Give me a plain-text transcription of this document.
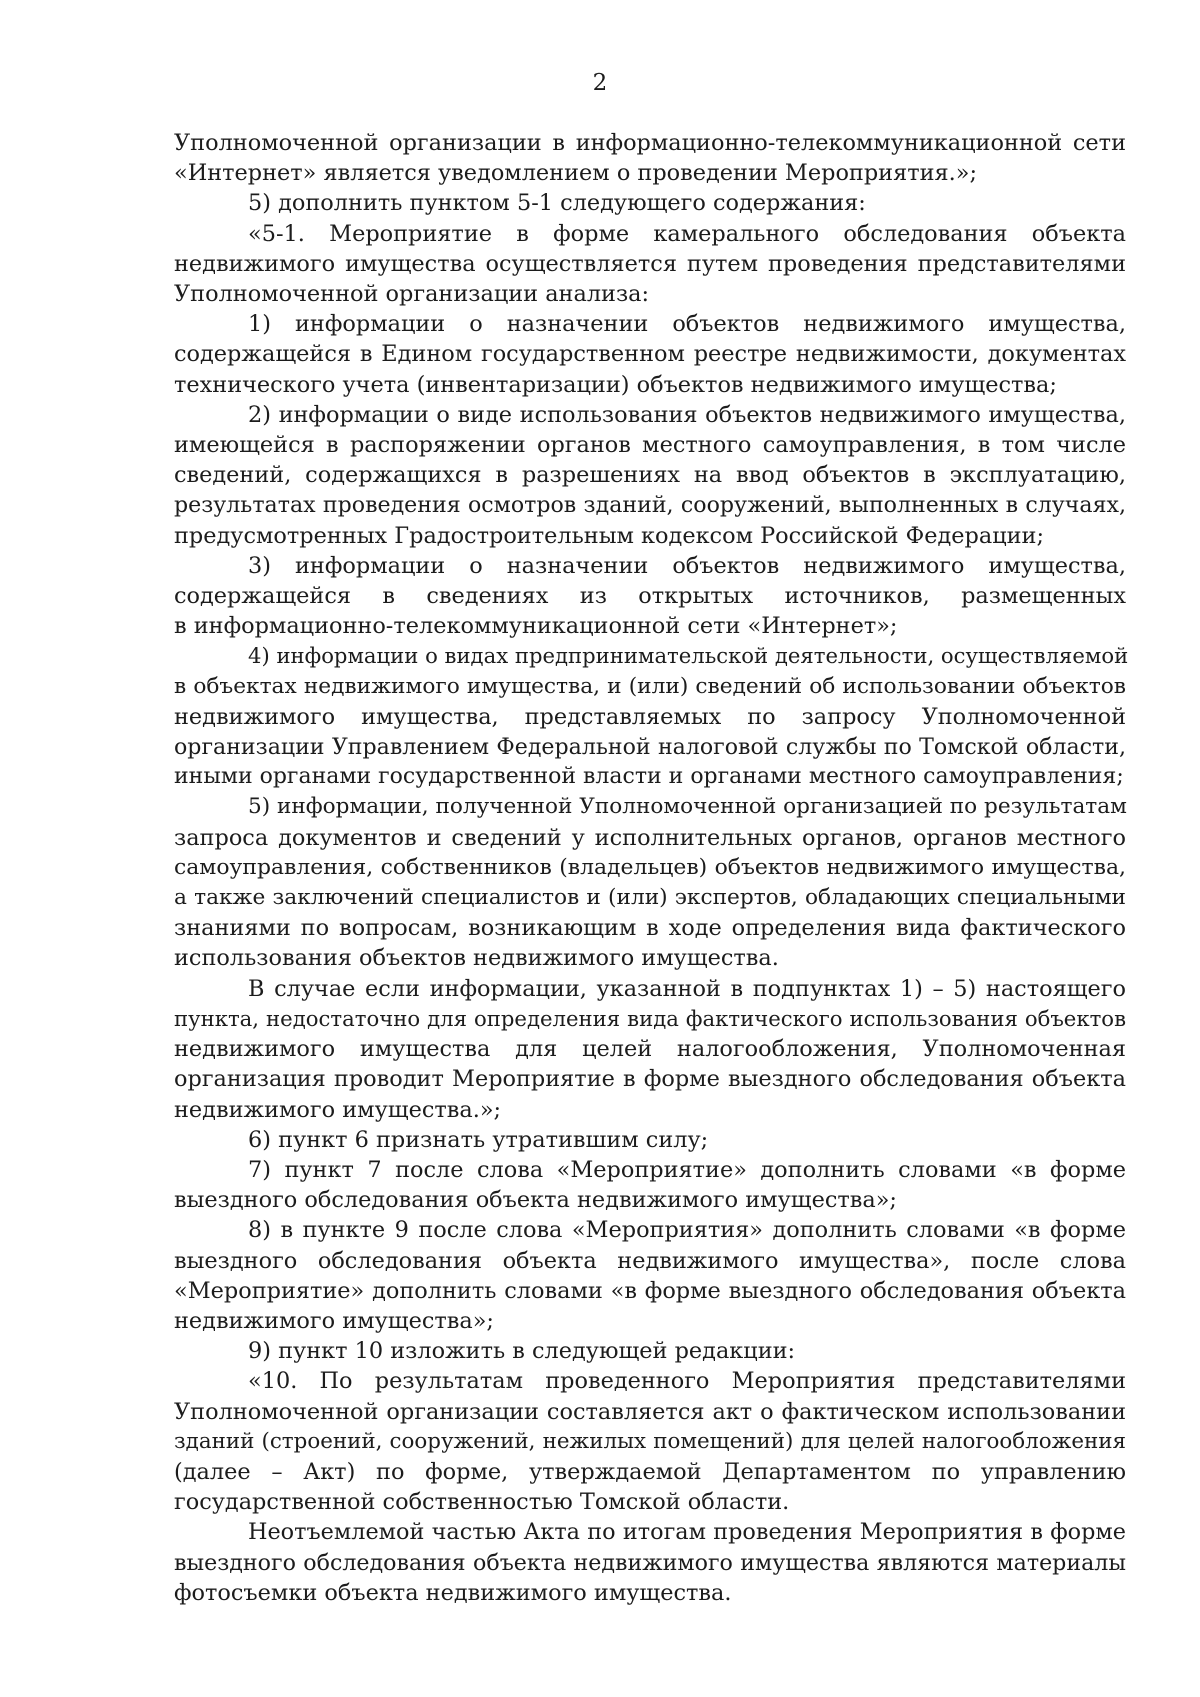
2
Уполномоченной организации в информационно-телекоммуникационной сети
«Интернет» является уведомлением о проведении Мероприятия.»;
5) дополнить пунктом 5-1 следующего содержания:
«5-1. Мероприятие в форме камерального обследования объекта
недвижимого имущества осуществляется путем проведения представителями
Уполномоченной организации анализа:
1) информации о назначении объектов недвижимого имущества,
содержащейся в Едином государственном реестре недвижимости, документах
технического учета (инвентаризации) объектов недвижимого имущества;
2) информации о виде использования объектов недвижимого имущества,
имеющейся в распоряжении органов местного самоуправления, в том числе
сведений, содержащихся в разрешениях на ввод объектов в эксплуатацию,
результатах проведения осмотров зданий, сооружений, выполненных в случаях,
предусмотренных Градостроительным кодексом Российской Федерации;
3) информации о назначении объектов недвижимого имущества,
содержащейся в сведениях из открытых источников, размещенных
в информационно-телекоммуникационной сети «Интернет»;
4) информации о видах предпринимательской деятельности, осуществляемой
в объектах недвижимого имущества, и (или) сведений об использовании объектов
недвижимого имущества, представляемых по запросу Уполномоченной
организации Управлением Федеральной налоговой службы по Томской области,
иными органами государственной власти и органами местного самоуправления;
5) информации, полученной Уполномоченной организацией по результатам
запроса документов и сведений у исполнительных органов, органов местного
самоуправления, собственников (владельцев) объектов недвижимого имущества,
а также заключений специалистов и (или) экспертов, обладающих специальными
знаниями по вопросам, возникающим в ходе определения вида фактического
использования объектов недвижимого имущества.
В случае если информации, указанной в подпунктах 1) – 5) настоящего
пункта, недостаточно для определения вида фактического использования объектов
недвижимого имущества для целей налогообложения, Уполномоченная
организация проводит Мероприятие в форме выездного обследования объекта
недвижимого имущества.»;
6) пункт 6 признать утратившим силу;
7) пункт 7 после слова «Мероприятие» дополнить словами «в форме
выездного обследования объекта недвижимого имущества»;
8) в пункте 9 после слова «Мероприятия» дополнить словами «в форме
выездного обследования объекта недвижимого имущества», после слова
«Мероприятие» дополнить словами «в форме выездного обследования объекта
недвижимого имущества»;
9) пункт 10 изложить в следующей редакции:
«10. По результатам проведенного Мероприятия представителями
Уполномоченной организации составляется акт о фактическом использовании
зданий (строений, сооружений, нежилых помещений) для целей налогообложения
(далее – Акт) по форме, утверждаемой Департаментом по управлению
государственной собственностью Томской области.
Неотъемлемой частью Акта по итогам проведения Мероприятия в форме
выездного обследования объекта недвижимого имущества являются материалы
фотосъемки объекта недвижимого имущества.
